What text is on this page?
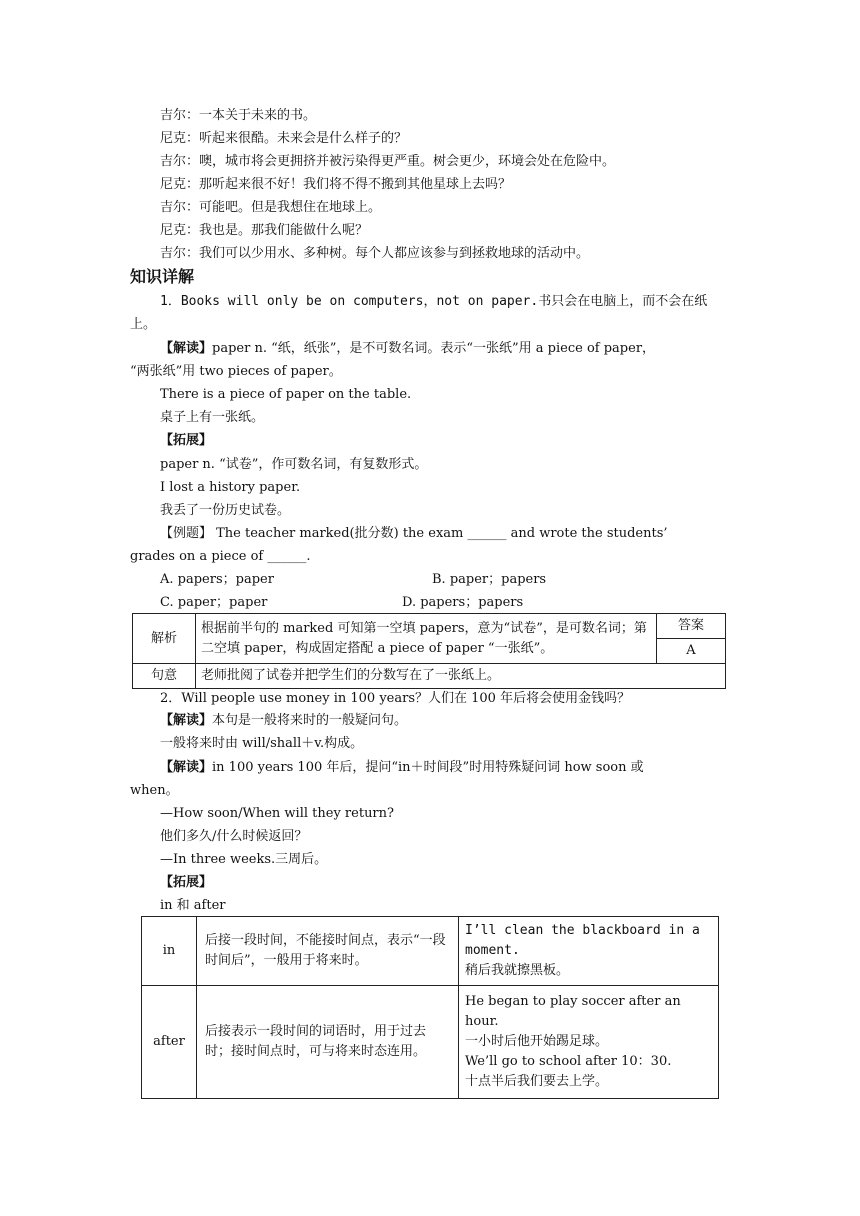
吉尔：一本关于未来的书。
尼克：听起来很酷。未来会是什么样子的？
吉尔：噢，城市将会更拥挤并被污染得更严重。树会更少，环境会处在危险中。
尼克：那听起来很不好！我们将不得不搬到其他星球上去吗？
吉尔：可能吧。但是我想住在地球上。
尼克：我也是。那我们能做什么呢？
吉尔：我们可以少用水、多种树。每个人都应该参与到拯救地球的活动中。
知识详解
1．Books will only be on computers，not on paper.书只会在电脑上，而不会在纸
上。
【解读】paper n. “纸，纸张”，是不可数名词。表示“一张纸”用 a piece of paper，
“两张纸”用 two pieces of paper。
There is a piece of paper on the table.
桌子上有一张纸。
【拓展】
paper n. “试卷”，作可数名词，有复数形式。
I lost a history paper.
我丢了一份历史试卷。
【例题】 The teacher marked(批分数) the exam ______ and wrote the students’
grades on a piece of ______.
A. papers；paper	B. paper；papers
C. paper；paper	D. papers；papers
解析	根据前半句的 marked 可知第一空填 papers，意为“试卷”，是可数名词；第二空填 paper，构成固定搭配 a piece of paper “一张纸”。	答案
		A
句意	老师批阅了试卷并把学生们的分数写在了一张纸上。	
2．Will people use money in 100 years？人们在 100 年后将会使用金钱吗？
【解读】本句是一般将来时的一般疑问句。
一般将来时由 will/shall＋v.构成。
【解读】in 100 years 100 年后，提问“in＋时间段”时用特殊疑问词 how soon 或
when。
—How soon/When will they return?
他们多久/什么时候返回？
—In three weeks.三周后。
【拓展】
in 和 after
in	后接一段时间，不能接时间点，表示“一段时间后”，一般用于将来时。	I’ll clean the blackboard in a moment.
稍后我就擦黑板。

after	后接表示一段时间的词语时，用于过去时；接时间点时，可与将来时态连用。	He began to play soccer after an hour.
一小时后他开始踢足球。
We’ll go to school after 10：30.
十点半后我们要去上学。
